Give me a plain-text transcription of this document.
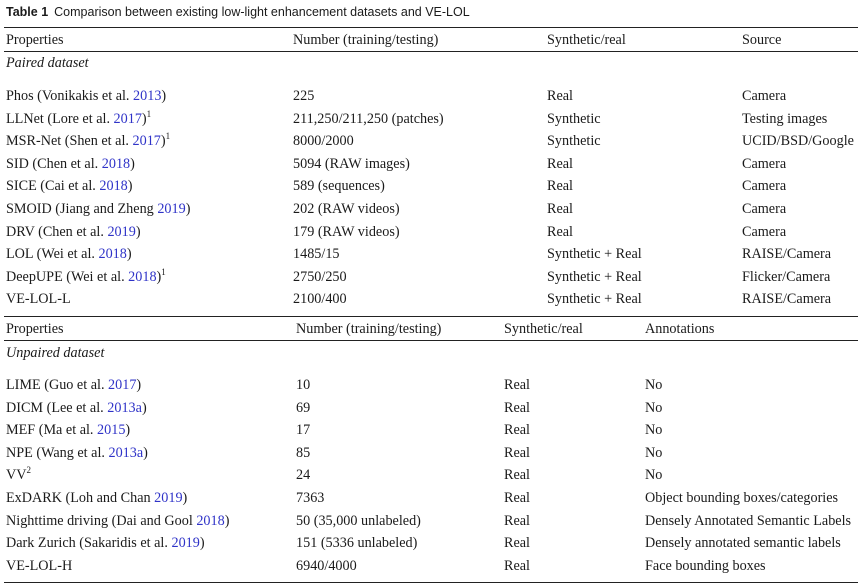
Table 1 Comparison between existing low-light enhancement datasets and VE-LOL
Properties	Number (training/testing)	Synthetic/real	Source
Paired dataset
Phos (Vonikakis et al. 2013)	225	Real	Camera
LLNet (Lore et al. 2017)$^1$	211,250/211,250 (patches)	Synthetic	Testing images
MSR-Net (Shen et al. 2017)$^1$	8000/2000	Synthetic	UCID/BSD/Google
SID (Chen et al. 2018)	5094 (RAW images)	Real	Camera
SICE (Cai et al. 2018)	589 (sequences)	Real	Camera
SMOID (Jiang and Zheng 2019)	202 (RAW videos)	Real	Camera
DRV (Chen et al. 2019)	179 (RAW videos)	Real	Camera
LOL (Wei et al. 2018)	1485/15	Synthetic + Real	RAISE/Camera
DeepUPE (Wei et al. 2018)$^1$	2750/250	Synthetic + Real	Flicker/Camera
VE-LOL-L	2100/400	Synthetic + Real	RAISE/Camera
Properties	Number (training/testing)	Synthetic/real	Annotations
Unpaired dataset
LIME (Guo et al. 2017)	10	Real	No
DICM (Lee et al. 2013a)	69	Real	No
MEF (Ma et al. 2015)	17	Real	No
NPE (Wang et al. 2013a)	85	Real	No
$VV^2$	24	Real	No
ExDARK (Loh and Chan 2019)	7363	Real	Object bounding boxes/categories
Nighttime driving (Dai and Gool 2018)	50 (35,000 unlabeled)	Real	Densely Annotated Semantic Labels
Dark Zurich (Sakaridis et al. 2019)	151 (5336 unlabeled)	Real	Densely annotated semantic labels
VE-LOL-H	6940/4000	Real	Face bounding boxes
